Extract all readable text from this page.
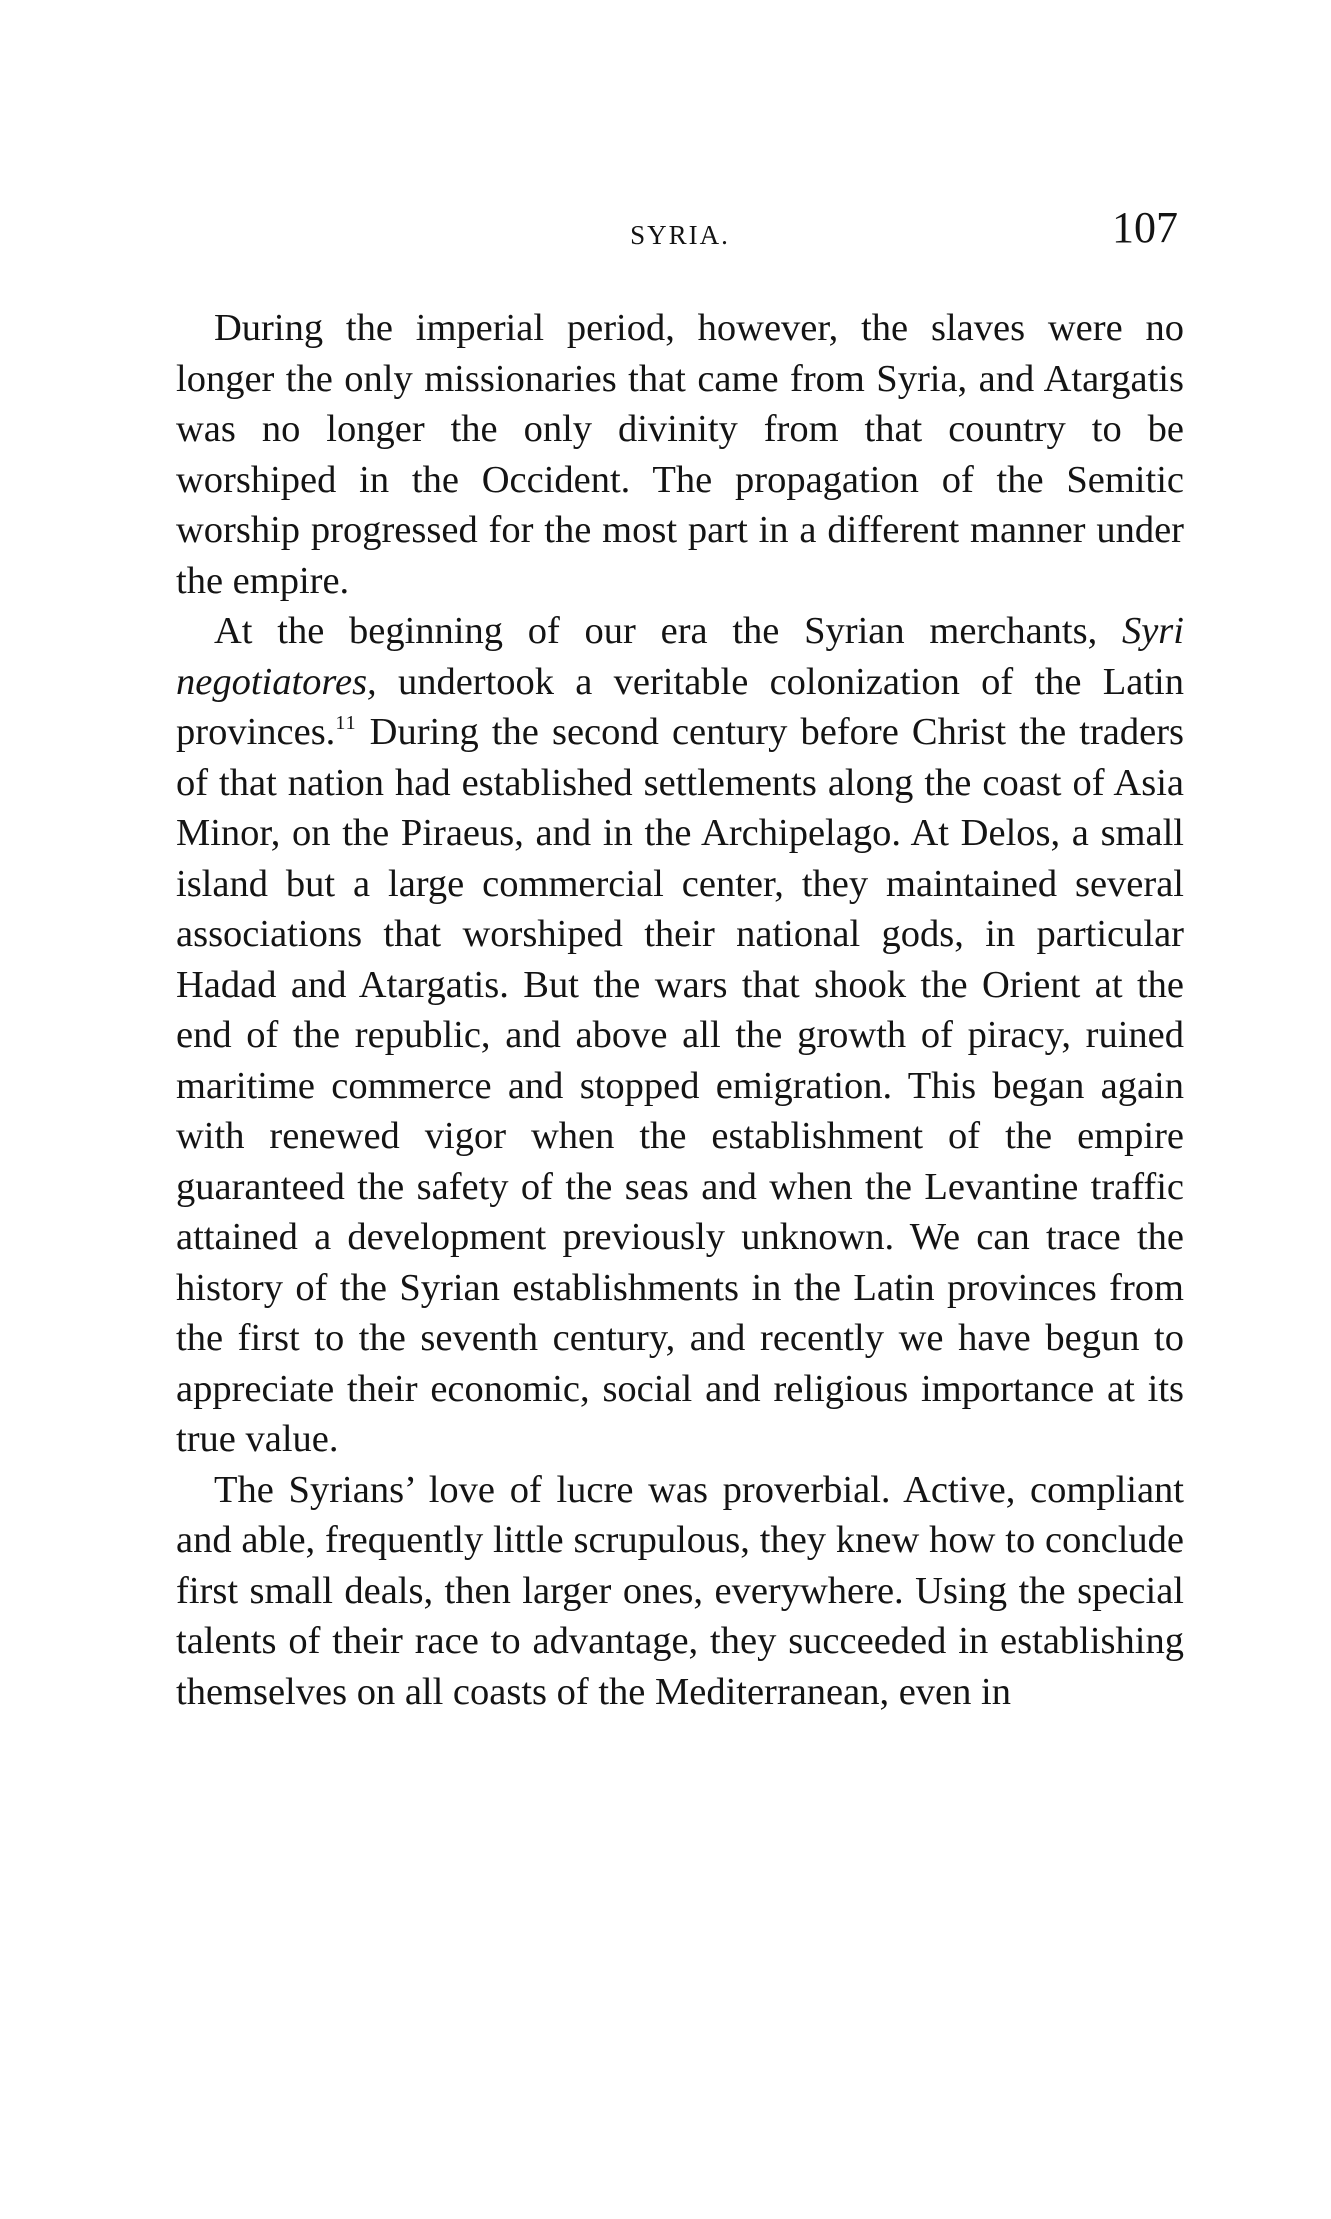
SYRIA.	107

During the imperial period, however, the slaves were no longer the only missionaries that came from Syria, and Atargatis was no longer the only divinity from that country to be worshiped in the Occident. The propagation of the Semitic worship progressed for the most part in a different manner under the empire.

At the beginning of our era the Syrian merchants, Syri negotiatores, undertook a veritable colonization of the Latin provinces.$^{11}$ During the second century before Christ the traders of that nation had established settlements along the coast of Asia Minor, on the Piraeus, and in the Archipelago. At Delos, a small island but a large commercial center, they maintained several associations that worshiped their national gods, in particular Hadad and Atargatis. But the wars that shook the Orient at the end of the republic, and above all the growth of piracy, ruined maritime commerce and stopped emigration. This began again with renewed vigor when the establishment of the empire guaranteed the safety of the seas and when the Levantine traffic attained a development previously unknown. We can trace the history of the Syrian establishments in the Latin provinces from the first to the seventh century, and recently we have begun to appreciate their economic, social and religious importance at its true value.

The Syrians’ love of lucre was proverbial. Active, compliant and able, frequently little scrupulous, they knew how to conclude first small deals, then larger ones, everywhere. Using the special talents of their race to advantage, they succeeded in establishing themselves on all coasts of the Mediterranean, even in
